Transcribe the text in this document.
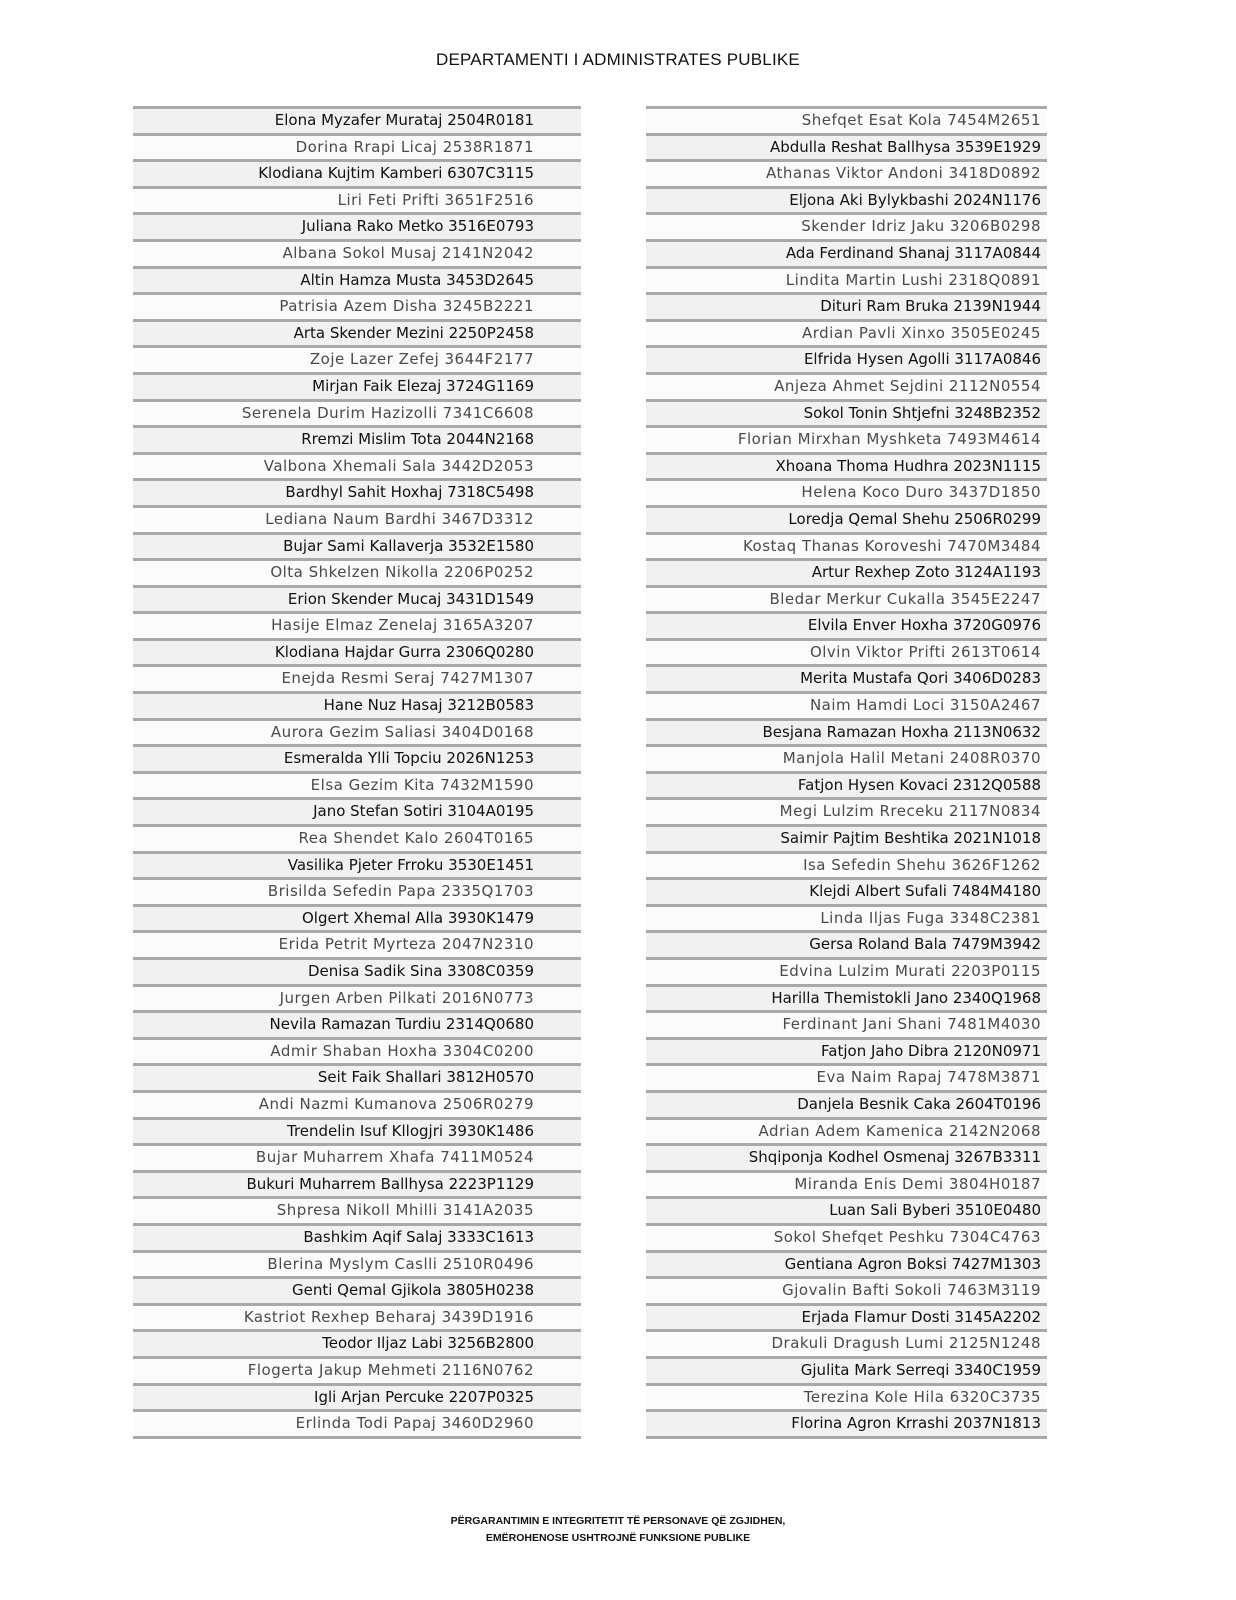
DEPARTAMENTI I ADMINISTRATES PUBLIKE
Elona Myzafer Murataj 2504R0181
Dorina Rrapi Licaj 2538R1871
Klodiana Kujtim Kamberi 6307C3115
Liri Feti Prifti 3651F2516
Juliana Rako Metko 3516E0793
Albana Sokol Musaj 2141N2042
Altin Hamza Musta 3453D2645
Patrisia Azem Disha 3245B2221
Arta Skender Mezini 2250P2458
Zoje Lazer Zefej 3644F2177
Mirjan Faik Elezaj 3724G1169
Serenela Durim Hazizolli 7341C6608
Rremzi Mislim Tota 2044N2168
Valbona Xhemali Sala 3442D2053
Bardhyl Sahit Hoxhaj 7318C5498
Lediana Naum Bardhi 3467D3312
Bujar Sami Kallaverja 3532E1580
Olta Shkelzen Nikolla 2206P0252
Erion Skender Mucaj 3431D1549
Hasije Elmaz Zenelaj 3165A3207
Klodiana Hajdar Gurra 2306Q0280
Enejda Resmi Seraj 7427M1307
Hane Nuz Hasaj 3212B0583
Aurora Gezim Saliasi 3404D0168
Esmeralda Ylli Topciu 2026N1253
Elsa Gezim Kita 7432M1590
Jano Stefan Sotiri 3104A0195
Rea Shendet Kalo 2604T0165
Vasilika Pjeter Frroku 3530E1451
Brisilda Sefedin Papa 2335Q1703
Olgert Xhemal Alla 3930K1479
Erida Petrit Myrteza 2047N2310
Denisa Sadik Sina 3308C0359
Jurgen Arben Pilkati 2016N0773
Nevila Ramazan Turdiu 2314Q0680
Admir Shaban Hoxha 3304C0200
Seit Faik Shallari 3812H0570
Andi Nazmi Kumanova 2506R0279
Trendelin Isuf Kllogjri 3930K1486
Bujar Muharrem Xhafa 7411M0524
Bukuri Muharrem Ballhysa 2223P1129
Shpresa Nikoll Mhilli 3141A2035
Bashkim Aqif Salaj 3333C1613
Blerina Myslym Caslli 2510R0496
Genti Qemal Gjikola 3805H0238
Kastriot Rexhep Beharaj 3439D1916
Teodor Iljaz Labi 3256B2800
Flogerta Jakup Mehmeti 2116N0762
Igli Arjan Percuke 2207P0325
Erlinda Todi Papaj 3460D2960
Shefqet Esat Kola 7454M2651
Abdulla Reshat Ballhysa 3539E1929
Athanas Viktor Andoni 3418D0892
Eljona Aki Bylykbashi 2024N1176
Skender Idriz Jaku 3206B0298
Ada Ferdinand Shanaj 3117A0844
Lindita Martin Lushi 2318Q0891
Dituri Ram Bruka 2139N1944
Ardian Pavli Xinxo 3505E0245
Elfrida Hysen Agolli 3117A0846
Anjeza Ahmet Sejdini 2112N0554
Sokol Tonin Shtjefni 3248B2352
Florian Mirxhan Myshketa 7493M4614
Xhoana Thoma Hudhra 2023N1115
Helena Koco Duro 3437D1850
Loredja Qemal Shehu 2506R0299
Kostaq Thanas Koroveshi 7470M3484
Artur Rexhep Zoto 3124A1193
Bledar Merkur Cukalla 3545E2247
Elvila Enver Hoxha 3720G0976
Olvin Viktor Prifti 2613T0614
Merita Mustafa Qori 3406D0283
Naim Hamdi Loci 3150A2467
Besjana Ramazan Hoxha 2113N0632
Manjola Halil Metani 2408R0370
Fatjon Hysen Kovaci 2312Q0588
Megi Lulzim Rreceku 2117N0834
Saimir Pajtim Beshtika 2021N1018
Isa Sefedin Shehu 3626F1262
Klejdi Albert Sufali 7484M4180
Linda Iljas Fuga 3348C2381
Gersa Roland Bala 7479M3942
Edvina Lulzim Murati 2203P0115
Harilla Themistokli Jano 2340Q1968
Ferdinant Jani Shani 7481M4030
Fatjon Jaho Dibra 2120N0971
Eva Naim Rapaj 7478M3871
Danjela Besnik Caka 2604T0196
Adrian Adem Kamenica 2142N2068
Shqiponja Kodhel Osmenaj 3267B3311
Miranda Enis Demi 3804H0187
Luan Sali Byberi 3510E0480
Sokol Shefqet Peshku 7304C4763
Gentiana Agron Boksi 7427M1303
Gjovalin Bafti Sokoli 7463M3119
Erjada Flamur Dosti 3145A2202
Drakuli Dragush Lumi 2125N1248
Gjulita Mark Serreqi 3340C1959
Terezina Kole Hila 6320C3735
Florina Agron Krrashi 2037N1813
PËRGARANTIMIN E INTEGRITETIT TË PERSONAVE QË ZGJIDHEN,
EMËROHENOSE USHTROJNË FUNKSIONE PUBLIKE
